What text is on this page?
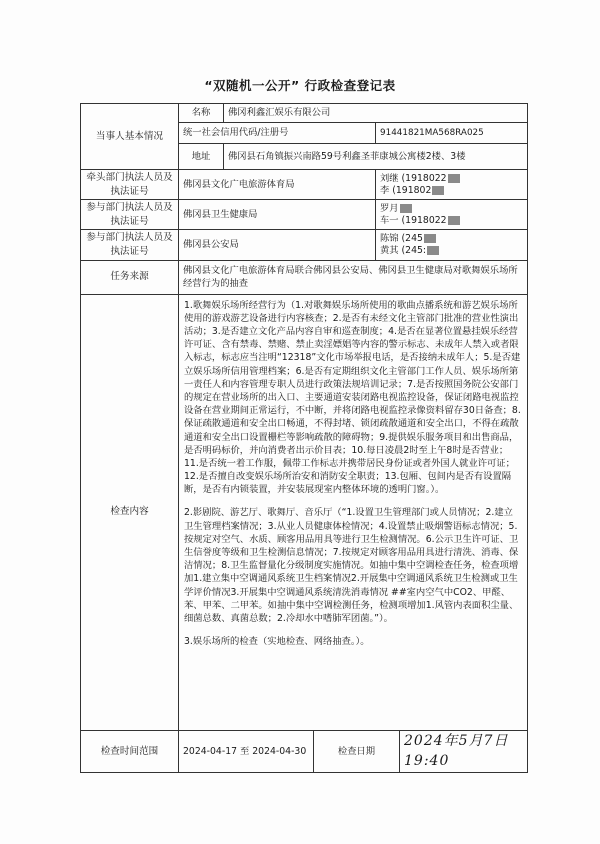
“双随机一公开” 行政检查登记表
当事人基本情况	名称	佛冈利鑫汇娱乐有限公司			
	统一社会信用代码/注册号			91441821MA568RA025	
	地址	佛冈县石角镇振兴南路59号利鑫圣菲康城公寓楼2楼、3楼			
牵头部门执法人员及执法证号	佛冈县文化广电旅游体育局			刘继 (1918022
李 (191802	

参与部门执法人员及执法证号	佛冈县卫生健康局			罗月
车一 (1918022	

参与部门执法人员及执法证号	佛冈县公安局			陈锦 (245
黄其 (245:	

任务来源	佛冈县文化广电旅游体育局联合佛冈县公安局、佛冈县卫生健康局对歌舞娱乐场所经营行为的抽查				
检查内容	1.歌舞娱乐场所经营行为（1.对歌舞娱乐场所使用的歌曲点播系统和游艺娱乐场所使用的游戏游艺设备进行内容核查；2.是否有未经文化主管部门批准的营业性演出活动；3.是否建立文化产品内容自审和巡查制度；4.是否在显著位置悬挂娱乐经营许可证、含有禁毒、禁赌、禁止卖淫嫖娼等内容的警示标志、未成年人禁入或者限入标志，标志应当注明“12318”文化市场举报电话，是否接纳未成年人；5.是否建立娱乐场所信用管理档案；6.是否有定期组织文化主管部门工作人员、娱乐场所第一责任人和内容管理专职人员进行政策法规培训记录；7.是否按照国务院公安部门的规定在营业场所的出入口、主要通道安装闭路电视监控设备，保证闭路电视监控设备在营业期间正常运行，不中断，并将闭路电视监控录像资料留存30日备查；8.保证疏散通道和安全出口畅通，不得封堵、锁闭疏散通道和安全出口，不得在疏散通道和安全出口设置栅栏等影响疏散的障碍物；9.提供娱乐服务项目和出售商品，是否明码标价，并向消费者出示价目表；10.每日凌晨2时至上午8时是否营业；11.是否统一着工作服，佩带工作标志并携带居民身份证或者外国人就业许可证；12.是否擅自改变娱乐场所治安和消防安全职责；13.包厢、包间内是否有设置隔断，是否有内锁装置，并安装展现室内整体环境的透明门窗。）。

2.影剧院、游艺厅、歌舞厅、音乐厅（“1.设置卫生管理部门或人员情况；2.建立卫生管理档案情况；3.从业人员健康体检情况；4.设置禁止吸烟警语标志情况；5.按规定对空气、水质、顾客用品用具等进行卫生检测情况。6.公示卫生许可证、卫生信誉度等级和卫生检测信息情况；7.按规定对顾客用品用具进行清洗、消毒、保洁情况；8.卫生监督量化分级制度实施情况。如抽中集中空调检查任务，检查项增加1.建立集中空调通风系统卫生档案情况2.开展集中空调通风系统卫生检测或卫生学评价情况3.开展集中空调通风系统清洗消毒情况 ##室内空气中CO2、甲醛、苯、甲苯、二甲苯。如抽中集中空调检测任务，检测项增加1.风管内表面积尘量、细菌总数、真菌总数；2.冷却水中嗜肺军团菌。”）。

3.娱乐场所的检查（实地检查、网络抽查。）。				

检查时间范围	2024-04-17 至 2024-04-30		检查日期		2024年5月7日19:40
